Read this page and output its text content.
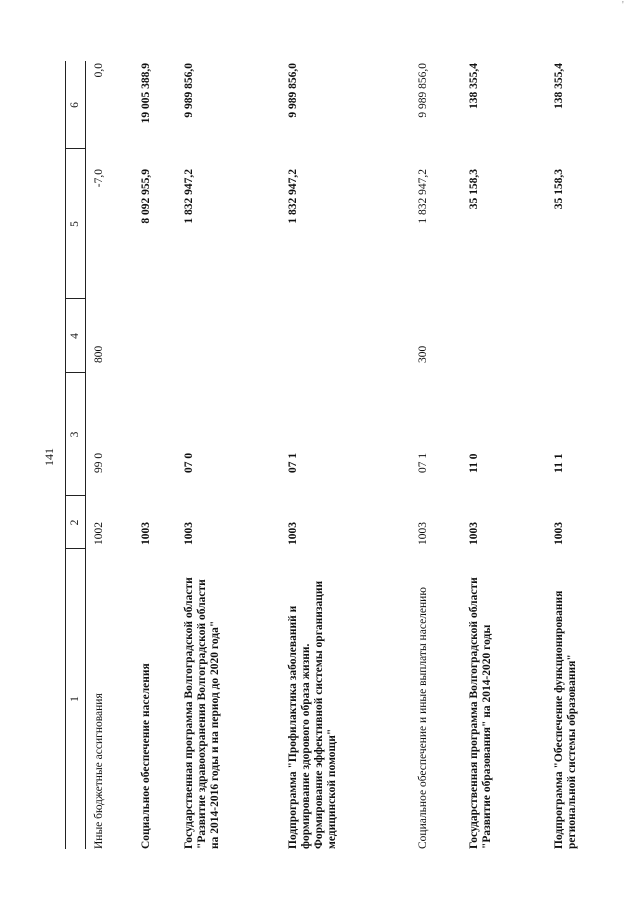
'
141
1
2
3
4
5
6
Иные бюджетные ассигнования
1002
99 0
800
-7,0
0,0
Социальное обеспечение населения
1003
8 092 955,9
19 005 388,9
Государственная программа Волгоградской области "Развитие здравоохранения Волгоградской области на 2014-2016 годы и на период до 2020 года"
1003
07 0
1 832 947,2
9 989 856,0
Подпрограмма "Профилактика заболеваний и формирование здорового образа жизни. Формирование эффективной системы организации медицинской помощи"
1003
07 1
1 832 947,2
9 989 856,0
Социальное обеспечение и иные выплаты населению
1003
07 1
300
1 832 947,2
9 989 856,0
Государственная программа Волгоградской области "Развитие образования" на 2014-2020 годы
1003
11 0
35 158,3
138 355,4
Подпрограмма "Обеспечение функционирования региональной системы образования"
1003
11 1
35 158,3
138 355,4
